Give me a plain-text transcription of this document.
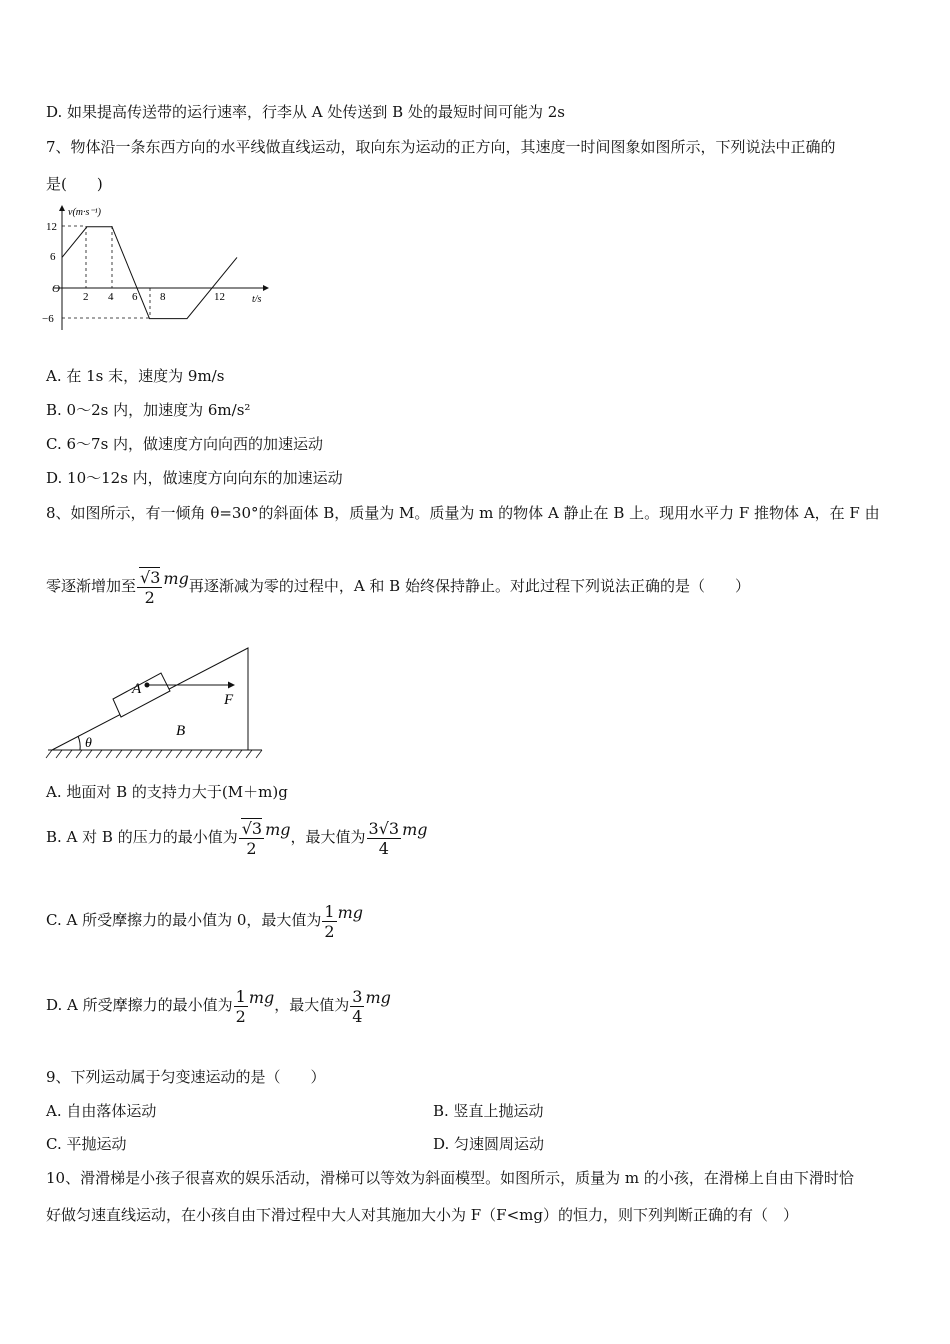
D. 如果提高传送带的运行速率，行李从 A 处传送到 B 处的最短时间可能为 2s
7、物体沿一条东西方向的水平线做直线运动，取向东为运动的正方向，其速度一时间图象如图所示，下列说法中正确的
是(　　)
v(m·s⁻¹)
12
6
−6
O
2 4 6 8	12	t/s
A. 在 1s 末，速度为 9m/s
B. 0～2s 内，加速度为 6m/s²
C. 6～7s 内，做速度方向向西的加速运动
D. 10～12s 内，做速度方向向东的加速运动
8、如图所示，有一倾角 θ=30°的斜面体 B，质量为 M。质量为 m 的物体 A 静止在 B 上。现用水平力 F 推物体 A，在 F 由
零逐渐增加至 $\frac{√3}{2}$ mg再逐渐减为零的过程中，A 和 B 始终保持静止。对此过程下列说法正确的是（　　）
A
F
B
θ
A. 地面对 B 的支持力大于(M＋m)g
B. A 对 B 的压力的最小值为 $\frac{√3}{2}$ mg，最大值为 $\frac{3√3}{4}$ mg
C. A 所受摩擦力的最小值为 0，最大值为 $\frac{1}{2}$ mg
D. A 所受摩擦力的最小值为 $\frac{1}{2}$ mg，最大值为 $\frac{3}{4}$ mg
9、下列运动属于匀变速运动的是（　　）
A. 自由落体运动	B. 竖直上抛运动
C. 平抛运动	D. 匀速圆周运动
10、滑滑梯是小孩子很喜欢的娱乐活动，滑梯可以等效为斜面模型。如图所示，质量为 m 的小孩，在滑梯上自由下滑时恰
好做匀速直线运动，在小孩自由下滑过程中大人对其施加大小为 F（F<mg）的恒力，则下列判断正确的有（　）
